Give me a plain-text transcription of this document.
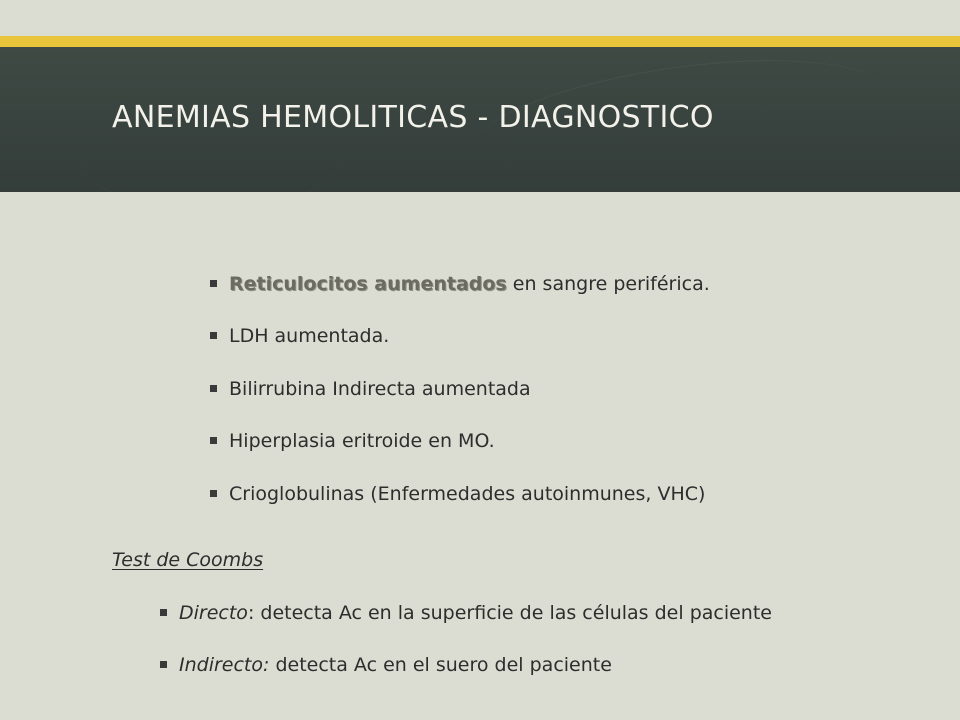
ANEMIAS HEMOLITICAS - DIAGNOSTICO
Reticulocitos aumentados en sangre periférica.
LDH aumentada.
Bilirrubina Indirecta aumentada
Hiperplasia eritroide en MO.
Crioglobulinas (Enfermedades autoinmunes, VHC)
Test de Coombs
Directo: detecta Ac en la superficie de las células del paciente
Indirecto: detecta Ac en el suero del paciente
